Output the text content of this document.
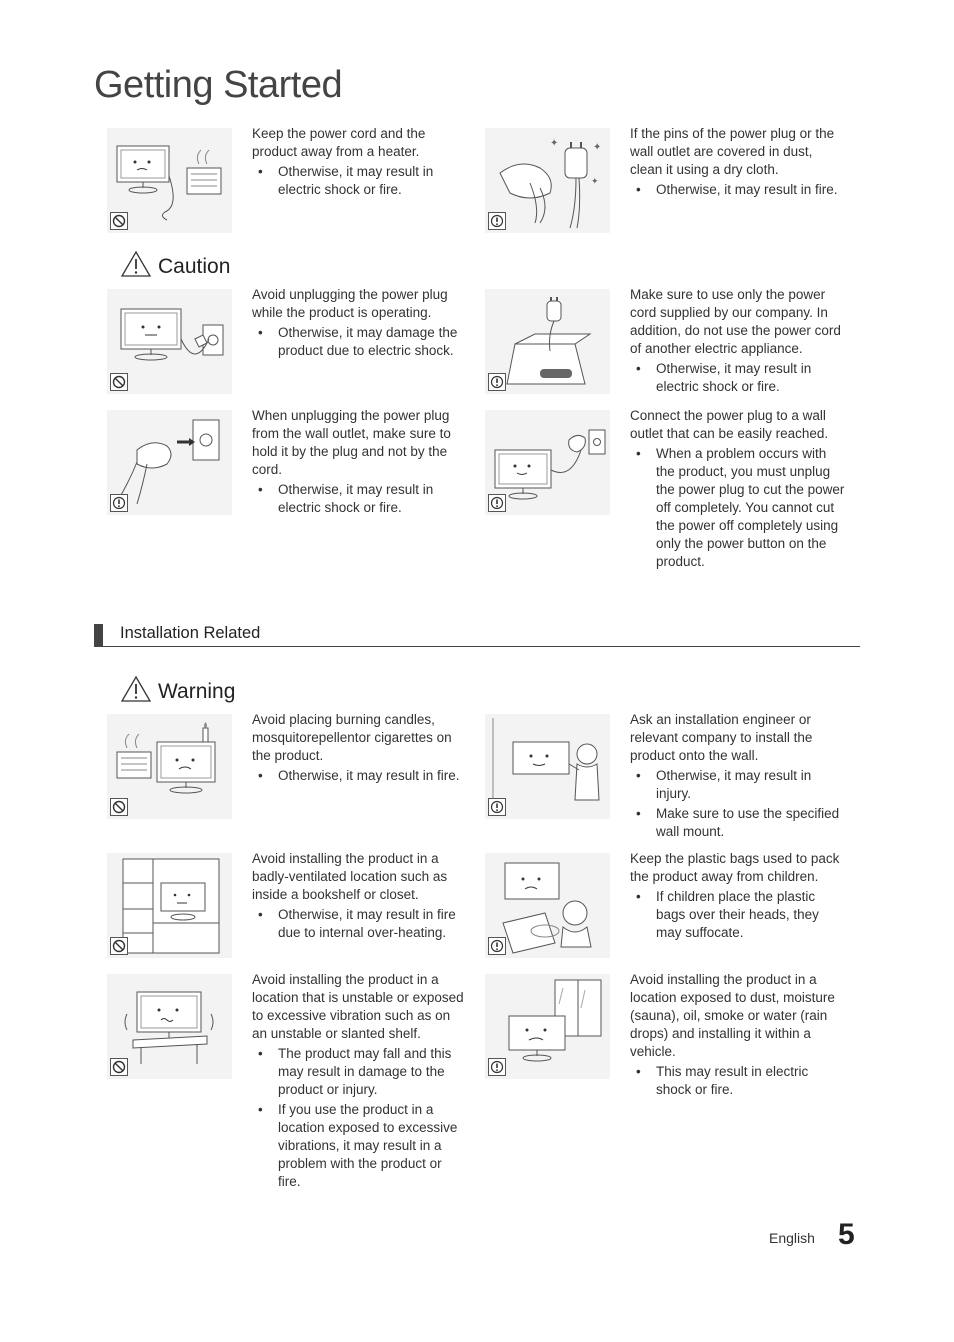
Getting Started
Caution
Installation Related
Warning

Keep the power cord and the product away from a heater.

• Otherwise, it may result in electric shock or fire.
✦	✦
✦

If the pins of the power plug or the wall outlet are covered in dust, clean it using a dry cloth.

• Otherwise, it may result in fire.

Avoid unplugging the power plug while the product is operating.

• Otherwise, it may damage the product due to electric shock.

Make sure to use only the power cord supplied by our company. In addition, do not use the power cord of another electric appliance.

• Otherwise, it may result in electric shock or fire.

When unplugging the power plug from the wall outlet, make sure to hold it by the plug and not by the cord.

• Otherwise, it may result in electric shock or fire.

Connect the power plug to a wall outlet that can be easily reached.

• When a problem occurs with the product, you must unplug the power plug to cut the power off completely. You cannot cut the power off completely using only the power button on the product.

Avoid placing burning candles, mosquitorepellentor cigarettes on the product.

• Otherwise, it may result in fire.

Ask an installation engineer or relevant company to install the product onto the wall.

• Otherwise, it may result in injury.
• Make sure to use the specified wall mount.

Avoid installing the product in a badly-ventilated location such as inside a bookshelf or closet.

• Otherwise, it may result in fire due to internal over-heating.

Keep the plastic bags used to pack the product away from children.

• If children place the plastic bags over their heads, they may suffocate.

Avoid installing the product in a location that is unstable or exposed to excessive vibration such as on an unstable or slanted shelf.

• The product may fall and this may result in damage to the product or injury.
• If you use the product in a location exposed to excessive vibrations, it may result in a problem with the product or fire.

Avoid installing the product in a location exposed to dust, moisture (sauna), oil, smoke or water (rain drops) and installing it within a vehicle.

• This may result in electric shock or fire.
English 5
